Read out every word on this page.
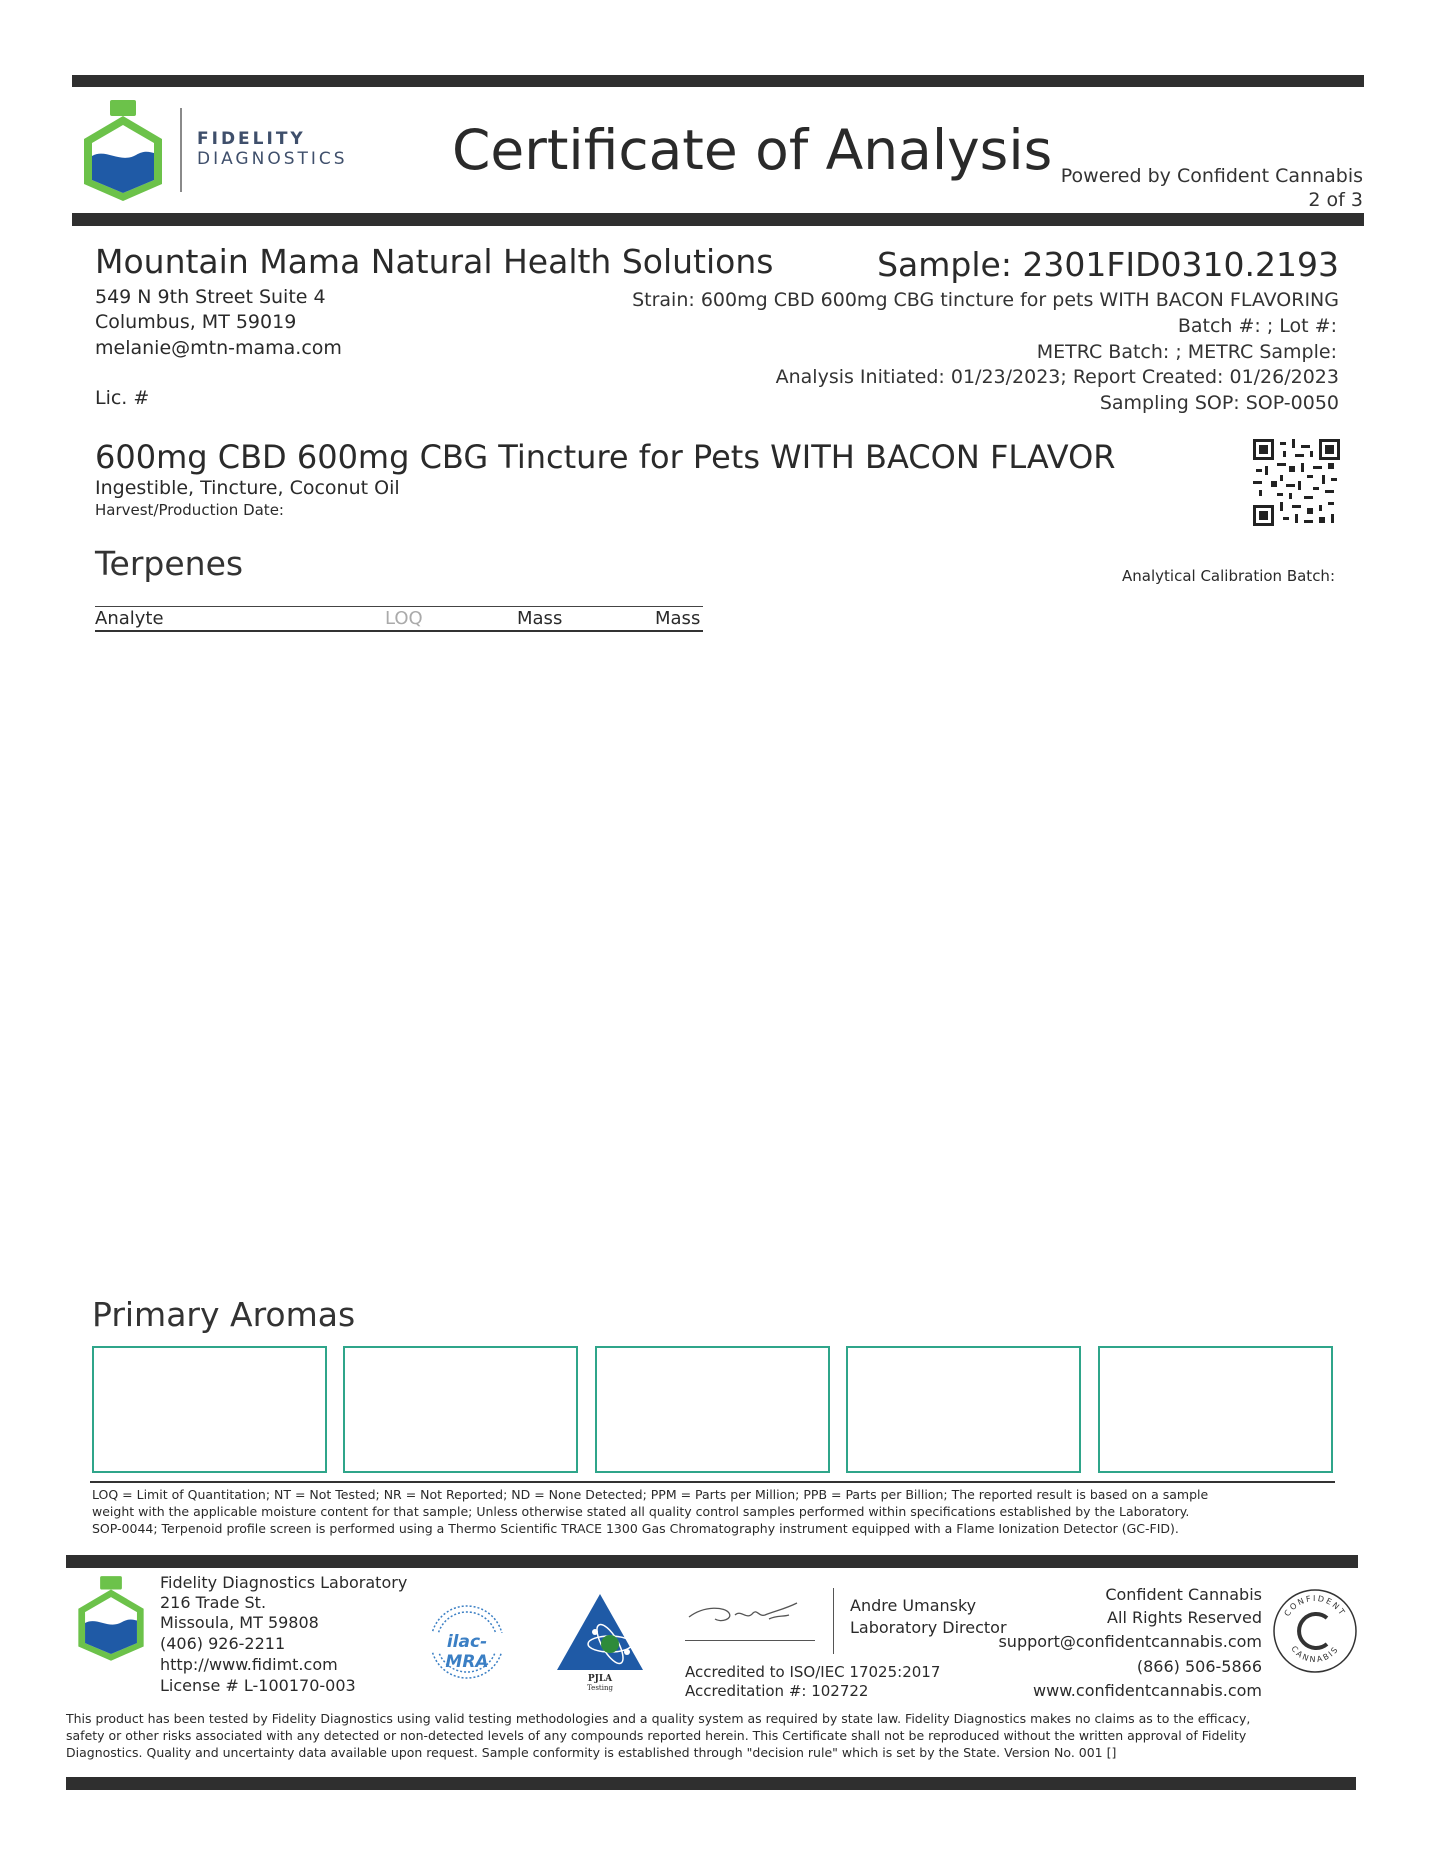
FIDELITY
DIAGNOSTICS Certificate of Analysis Powered by Confident Cannabis
2 of 3
Mountain Mama Natural Health Solutions
549 N 9th Street Suite 4
Columbus, MT 59019
melanie@mtn-mama.com
Lic. #
Sample: 2301FID0310.2193
Strain: 600mg CBD 600mg CBG tincture for pets WITH BACON FLAVORING
Batch #: ; Lot #:
METRC Batch: ; METRC Sample:
Analysis Initiated: 01/23/2023; Report Created: 01/26/2023
Sampling SOP: SOP-0050
600mg CBD 600mg CBG Tincture for Pets WITH BACON FLAVOR
Ingestible, Tincture, Coconut Oil
Harvest/Production Date:
Terpenes	Analytical Calibration Batch:
Analyte	LOQ	Mass	Mass
Primary Aromas
LOQ = Limit of Quantitation; NT = Not Tested; NR = Not Reported; ND = None Detected; PPM = Parts per Million; PPB = Parts per Billion; The reported result is based on a sample
weight with the applicable moisture content for that sample; Unless otherwise stated all quality control samples performed within specifications established by the Laboratory.
SOP-0044; Terpenoid profile screen is performed using a Thermo Scientific TRACE 1300 Gas Chromatography instrument equipped with a Flame Ionization Detector (GC-FID).
Fidelity Diagnostics Laboratory
216 Trade St.
Missoula, MT 59808
(406) 926-2211
http://www.fidimt.com
License # L-100170-003
ilac-MRA
PJLA
Testing
Andre Umansky
Laboratory Director
Accredited to ISO/IEC 17025:2017
Accreditation #: 102722
Confident Cannabis
All Rights Reserved
support@confidentcannabis.com
(866) 506-5866
www.confidentcannabis.com
CONFIDENT
CANNABIS
This product has been tested by Fidelity Diagnostics using valid testing methodologies and a quality system as required by state law. Fidelity Diagnostics makes no claims as to the efficacy,
safety or other risks associated with any detected or non-detected levels of any compounds reported herein. This Certificate shall not be reproduced without the written approval of Fidelity
Diagnostics. Quality and uncertainty data available upon request. Sample conformity is established through "decision rule" which is set by the State. Version No. 001 []
